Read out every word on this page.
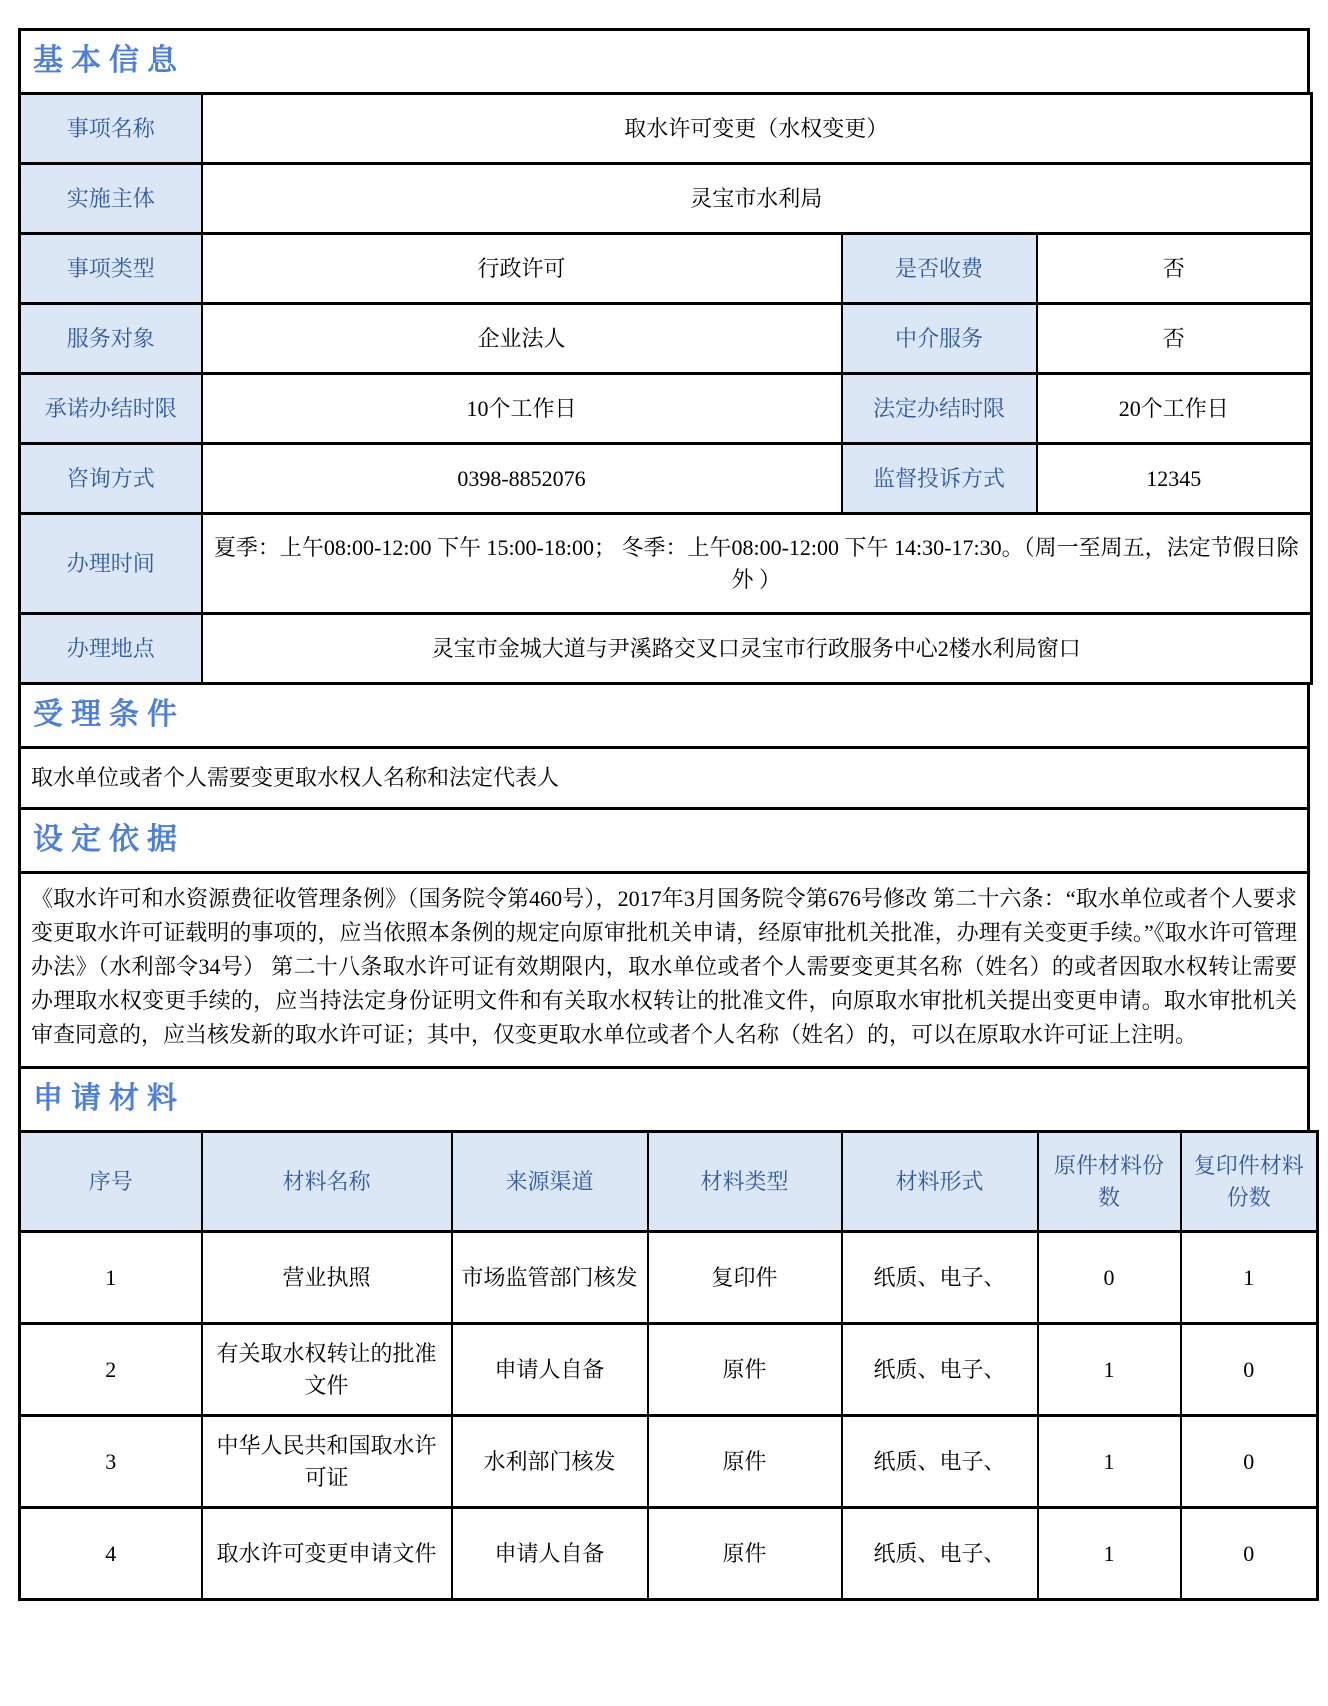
基本信息
事项名称	取水许可变更（水权变更）		
实施主体	灵宝市水利局		
事项类型	行政许可	是否收费	否
服务对象	企业法人	中介服务	否
承诺办结时限	10个工作日	法定办结时限	20个工作日
咨询方式	0398-8852076	监督投诉方式	12345
办理时间	夏季：上午08:00-12:00 下午 15:00-18:00； 冬季：上午08:00-12:00 下午 14:30-17:30。（周一至周五，法定节假日除外 ）		
办理地点	灵宝市金城大道与尹溪路交叉口灵宝市行政服务中心2楼水利局窗口		
受理条件
取水单位或者个人需要变更取水权人名称和法定代表人
设定依据
《取水许可和水资源费征收管理条例》（国务院令第460号），2017年3月国务院令第676号修改 第二十六条：“取水单位或者个人要求变更取水许可证载明的事项的，应当依照本条例的规定向原审批机关申请，经原审批机关批准，办理有关变更手续。”《取水许可管理办法》（水利部令34号） 第二十八条取水许可证有效期限内，取水单位或者个人需要变更其名称（姓名）的或者因取水权转让需要办理取水权变更手续的，应当持法定身份证明文件和有关取水权转让的批准文件，向原取水审批机关提出变更申请。取水审批机关审查同意的，应当核发新的取水许可证；其中，仅变更取水单位或者个人名称（姓名）的，可以在原取水许可证上注明。
申请材料
序号	材料名称	来源渠道	材料类型	材料形式	原件材料份数	复印件材料份数
1	营业执照	市场监管部门核发	复印件	纸质、电子、	0	1
2	有关取水权转让的批准文件	申请人自备	原件	纸质、电子、	1	0
3	中华人民共和国取水许可证	水利部门核发	原件	纸质、电子、	1	0
4	取水许可变更申请文件	申请人自备	原件	纸质、电子、	1	0
